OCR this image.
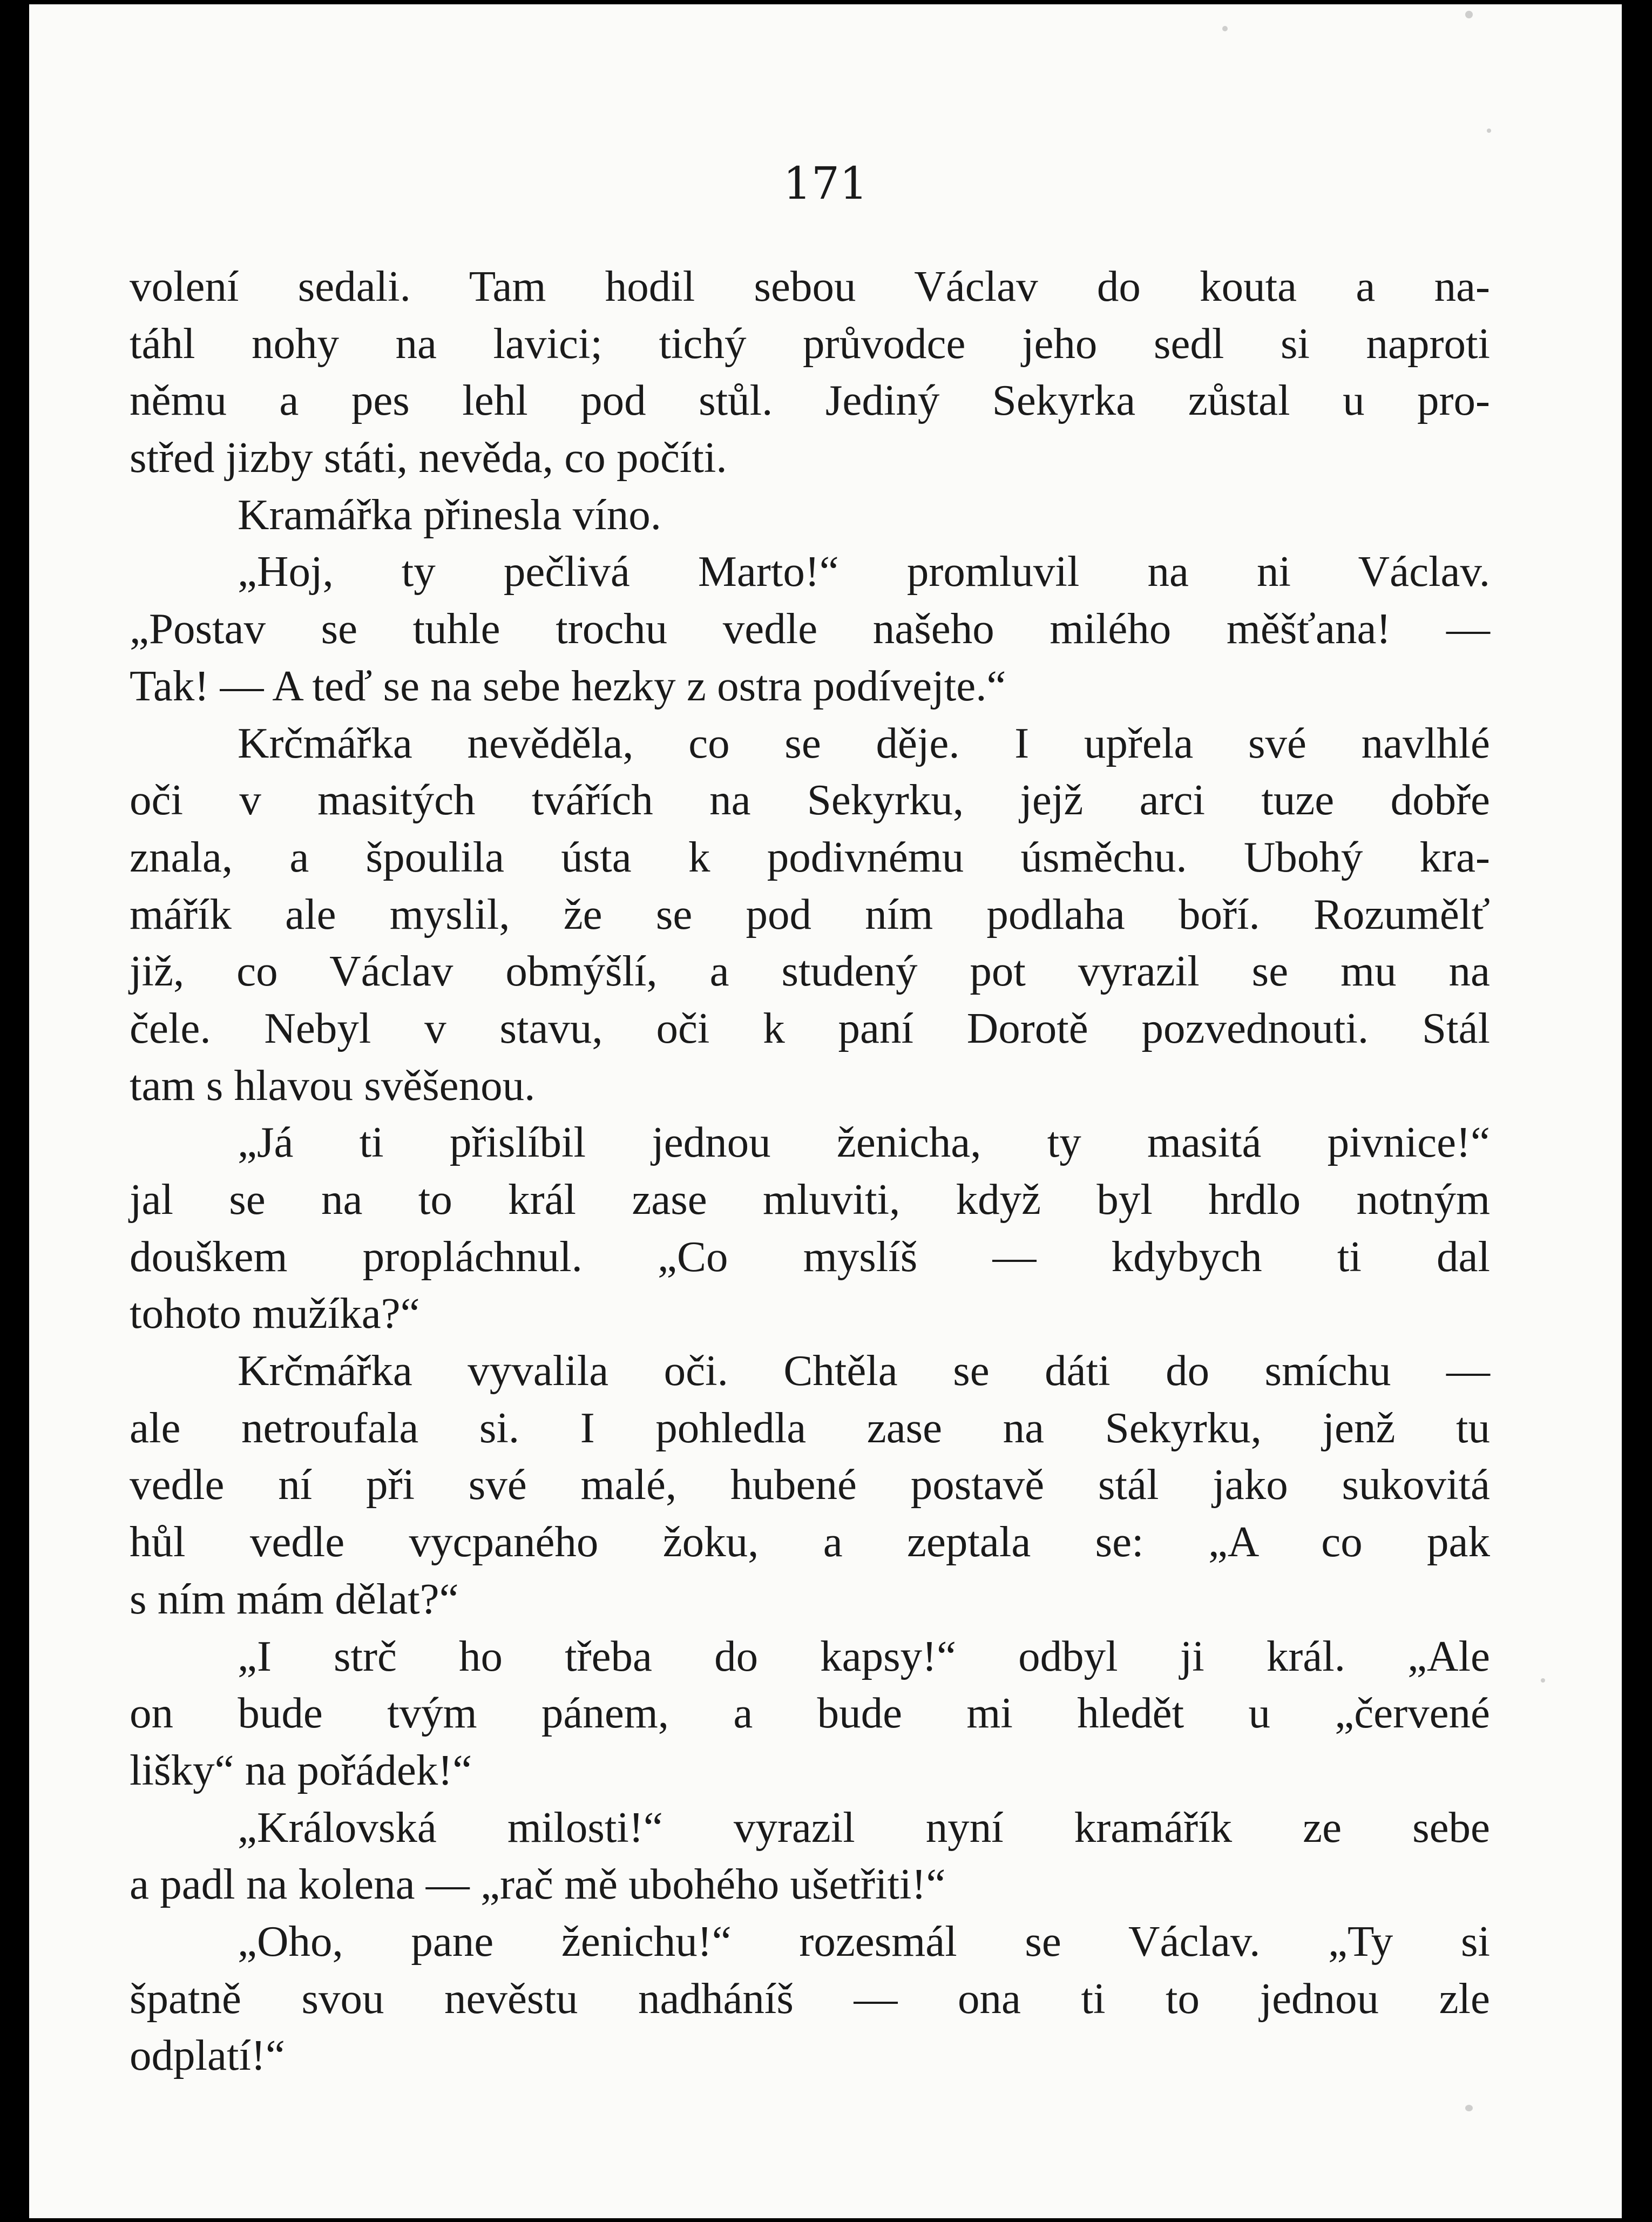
171
volení sedali. Tam hodil sebou Václav do kouta a na-
táhl nohy na lavici; tichý průvodce jeho sedl si naproti
němu a pes lehl pod stůl. Jediný Sekyrka zůstal u pro-
střed jizby státi, nevěda, co počíti.
Kramářka přinesla víno.
„Hoj, ty pečlivá Marto!“ promluvil na ni Václav.
„Postav se tuhle trochu vedle našeho milého měšťana! —
Tak! — A teď se na sebe hezky z ostra podívejte.“
Krčmářka nevěděla, co se děje. I upřela své navlhlé
oči v masitých tvářích na Sekyrku, jejž arci tuze dobře
znala, a špoulila ústa k podivnému úsměchu. Ubohý kra-
mářík ale myslil, že se pod ním podlaha boří. Rozumělť
již, co Václav obmýšlí, a studený pot vyrazil se mu na
čele. Nebyl v stavu, oči k paní Dorotě pozvednouti. Stál
tam s hlavou svěšenou.
„Já ti přislíbil jednou ženicha, ty masitá pivnice!“
jal se na to král zase mluviti, když byl hrdlo notným
douškem propláchnul. „Co myslíš — kdybych ti dal
tohoto mužíka?“
Krčmářka vyvalila oči. Chtěla se dáti do smíchu —
ale netroufala si. I pohledla zase na Sekyrku, jenž tu
vedle ní při své malé, hubené postavě stál jako sukovitá
hůl vedle vycpaného žoku, a zeptala se: „A co pak
s ním mám dělat?“
„I strč ho třeba do kapsy!“ odbyl ji král. „Ale
on bude tvým pánem, a bude mi hledět u „červené
lišky“ na pořádek!“
„Královská milosti!“ vyrazil nyní kramářík ze sebe
a padl na kolena — „rač mě ubohého ušetřiti!“
„Oho, pane ženichu!“ rozesmál se Václav. „Ty si
špatně svou nevěstu nadháníš — ona ti to jednou zle
odplatí!“
